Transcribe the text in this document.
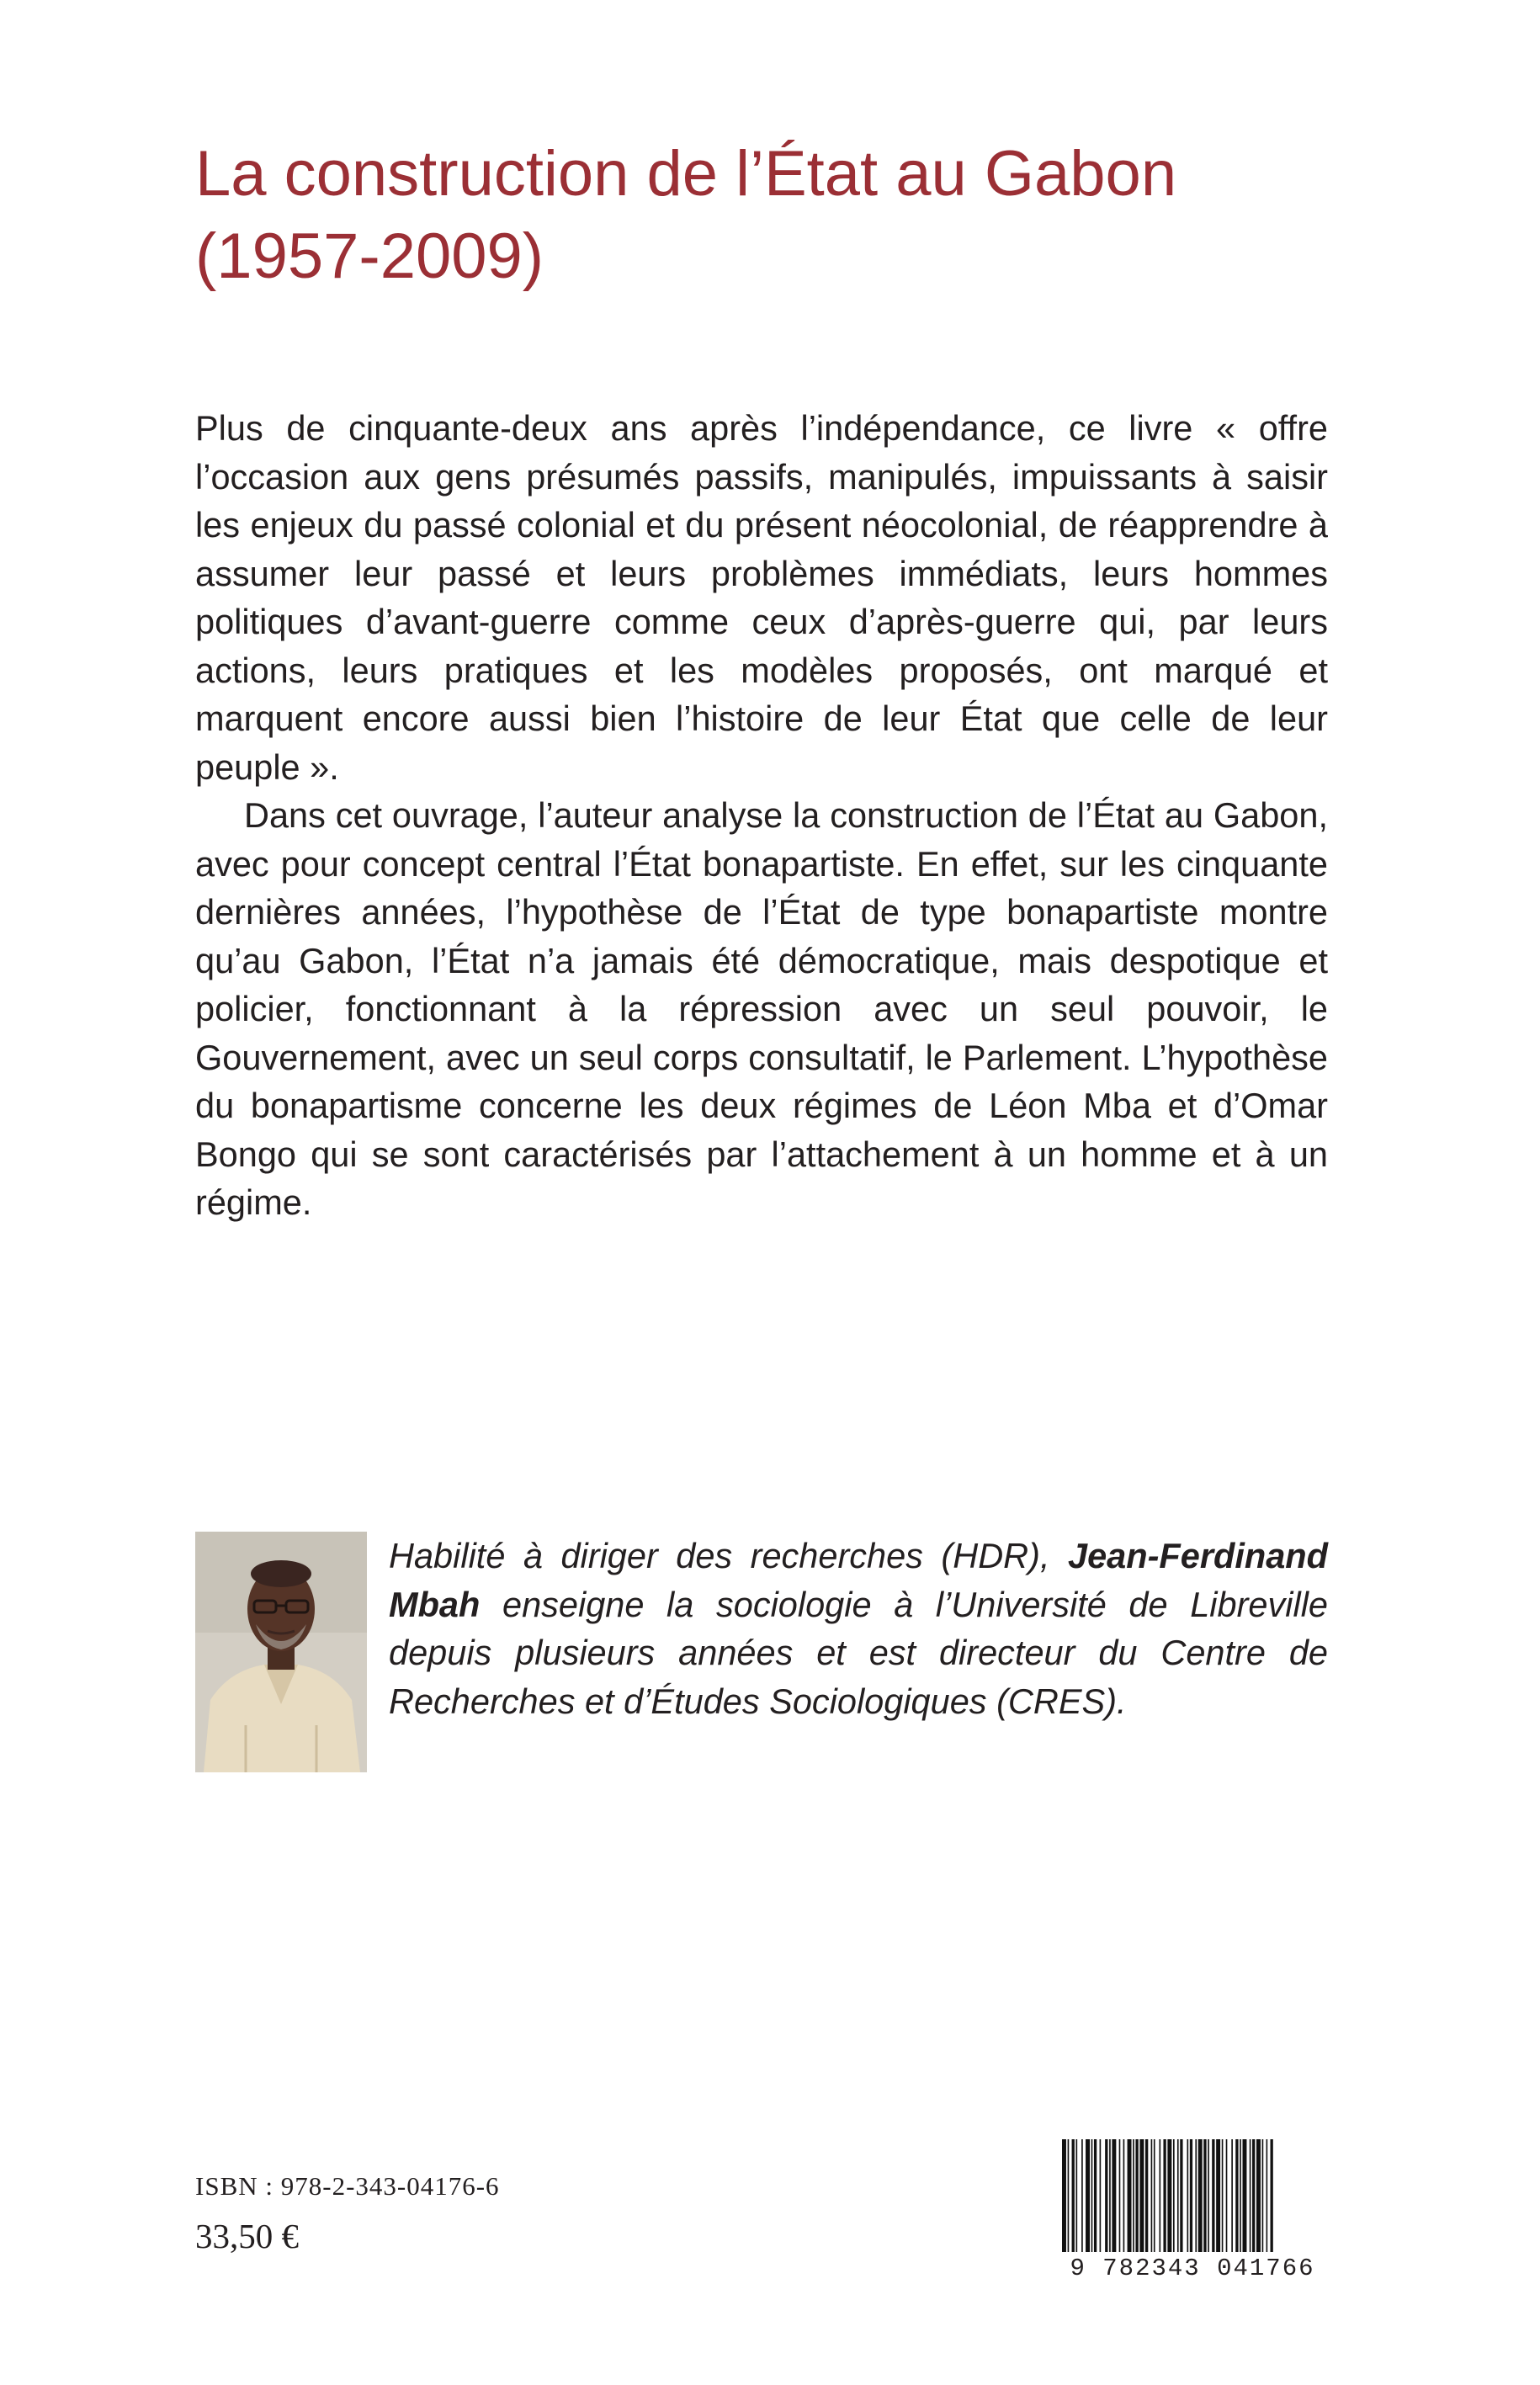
La construction de l’État au Gabon
(1957-2009)

Plus de cinquante-deux ans après l’indépendance, ce livre « offre l’occasion aux gens présumés passifs, manipulés, impuissants à saisir les enjeux du passé colonial et du présent néocolonial, de réapprendre à assumer leur passé et leurs problèmes immédiats, leurs hommes politiques d’avant-guerre comme ceux d’après-guerre qui, par leurs actions, leurs pratiques et les modèles proposés, ont marqué et marquent encore aussi bien l’histoire de leur État que celle de leur peuple ».

Dans cet ouvrage, l’auteur analyse la construction de l’État au Gabon, avec pour concept central l’État bonapartiste. En effet, sur les cinquante dernières années, l’hypothèse de l’État de type bonapartiste montre qu’au Gabon, l’État n’a jamais été démocratique, mais despotique et policier, fonctionnant à la répression avec un seul pouvoir, le Gouvernement, avec un seul corps consultatif, le Parlement. L’hypothèse du bonapartisme concerne les deux régimes de Léon Mba et d’Omar Bongo qui se sont caractérisés par l’attachement à un homme et à un régime.

Habilité à diriger des recherches (HDR), Jean-Ferdinand Mbah enseigne la sociologie à l’Université de Libreville depuis plusieurs années et est directeur du Centre de Recherches et d’Études Sociologiques (CRES).

ISBN : 978-2-343-04176-6
33,50 €
9 782343 041766
